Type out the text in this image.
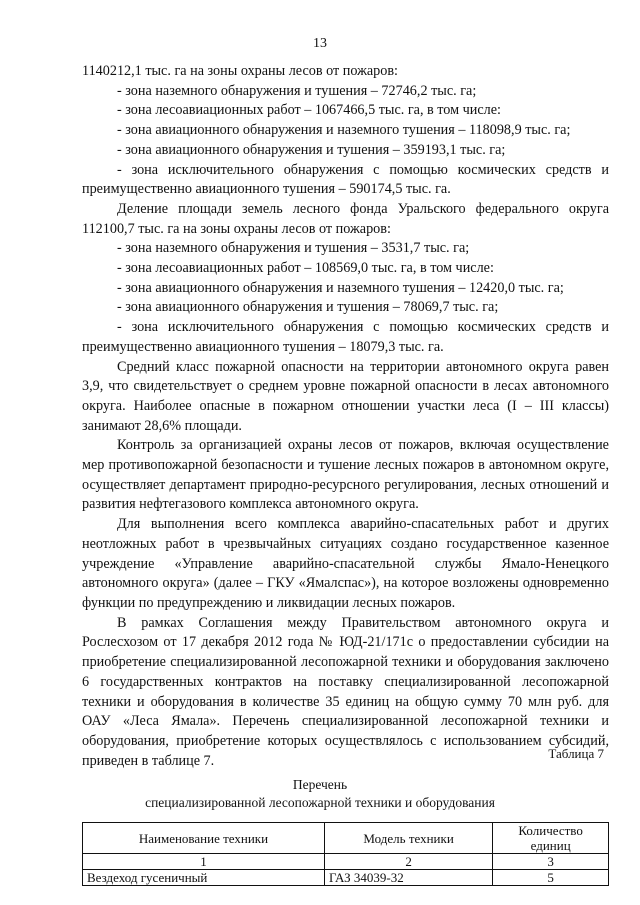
13

1140212,1 тыс. га на зоны охраны лесов от пожаров:

- зона наземного обнаружения и тушения – 72746,2 тыс. га;

- зона лесоавиационных работ – 1067466,5 тыс. га, в том числе:

- зона авиационного обнаружения и наземного тушения – 118098,9 тыс. га;

- зона авиационного обнаружения и тушения – 359193,1 тыс. га;

- зона исключительного обнаружения с помощью космических средств и преимущественно авиационного тушения – 590174,5 тыс. га.

Деление площади земель лесного фонда Уральского федерального округа 112100,7 тыс. га на зоны охраны лесов от пожаров:

- зона наземного обнаружения и тушения – 3531,7 тыс. га;

- зона лесоавиационных работ – 108569,0 тыс. га, в том числе:

- зона авиационного обнаружения и наземного тушения – 12420,0 тыс. га;

- зона авиационного обнаружения и тушения – 78069,7 тыс. га;

- зона исключительного обнаружения с помощью космических средств и преимущественно авиационного тушения – 18079,3 тыс. га.

Средний класс пожарной опасности на территории автономного округа равен 3,9, что свидетельствует о среднем уровне пожарной опасности в лесах автономного округа. Наиболее опасные в пожарном отношении участки леса (I – III классы) занимают 28,6% площади.

Контроль за организацией охраны лесов от пожаров, включая осуществление мер противопожарной безопасности и тушение лесных пожаров в автономном округе, осуществляет департамент природно-ресурсного регулирования, лесных отношений и развития нефтегазового комплекса автономного округа.

Для выполнения всего комплекса аварийно-спасательных работ и других неотложных работ в чрезвычайных ситуациях создано государственное казенное учреждение «Управление аварийно-спасательной службы Ямало-Ненецкого автономного округа» (далее – ГКУ «Ямалспас»), на которое возложены одновременно функции по предупреждению и ликвидации лесных пожаров.

В рамках Соглашения между Правительством автономного округа и Рослесхозом от 17 декабря 2012 года № ЮД-21/171с о предоставлении субсидии на приобретение специализированной лесопожарной техники и оборудования заключено 6 государственных контрактов на поставку специализированной лесопожарной техники и оборудования в количестве 35 единиц на общую сумму 70 млн руб. для ОАУ «Леса Ямала». Перечень специализированной лесопожарной техники и оборудования, приобретение которых осуществлялось с использованием субсидий, приведен в таблице 7.	Таблица 7
Перечень
специализированной лесопожарной техники и оборудования
Наименование техники	Модель техники	Количество единиц
1	2	3
Вездеход гусеничный	ГАЗ 34039-32	5
